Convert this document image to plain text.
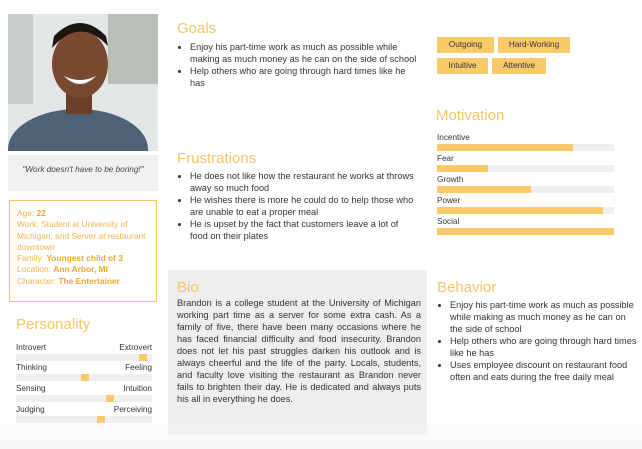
"Work doesn't have to be boring!"
Age: 22
Work: Student at University of Michigan, and Server at restaurant downtown
Family: Youngest child of 3
Location: Ann Arbor, MI
Character: The Entertainer
Personality
Introvert	Extrovert
Thinking	Feeling
Sensing	Intuition
Judging	Perceiving
Goals
• Enjoy his part-time work as much as possible while making as much money as he can on the side of school
• Help others who are going through hard times like he has
Frustrations
• He does not like how the restaurant he works at throws away so much food
• He wishes there is more he could do to help those who are unable to eat a proper meal
• He is upset by the fact that customers leave a lot of food on their plates
Bio
Brandon is a college student at the University of Michigan working part time as a server for some extra cash. As a family of five, there have been many occasions where he has faced financial difficulty and food insecurity. Brandon does not let his past struggles darken his outlook and is always cheerful and the life of the party. Locals, students, and faculty love visiting the restaurant as Brandon never fails to brighten their day. He is dedicated and always puts his all in everything he does.
Outgoing	Hard-Working
Intuitive	Attentive
Motivation
Incentive
Fear
Growth
Power
Social
Behavior
• Enjoy his part-time work as much as possible while making as much money as he can on the side of school
• Help others who are going through hard times like he has
• Uses employee discount on restaurant food often and eats during the free daily meal
